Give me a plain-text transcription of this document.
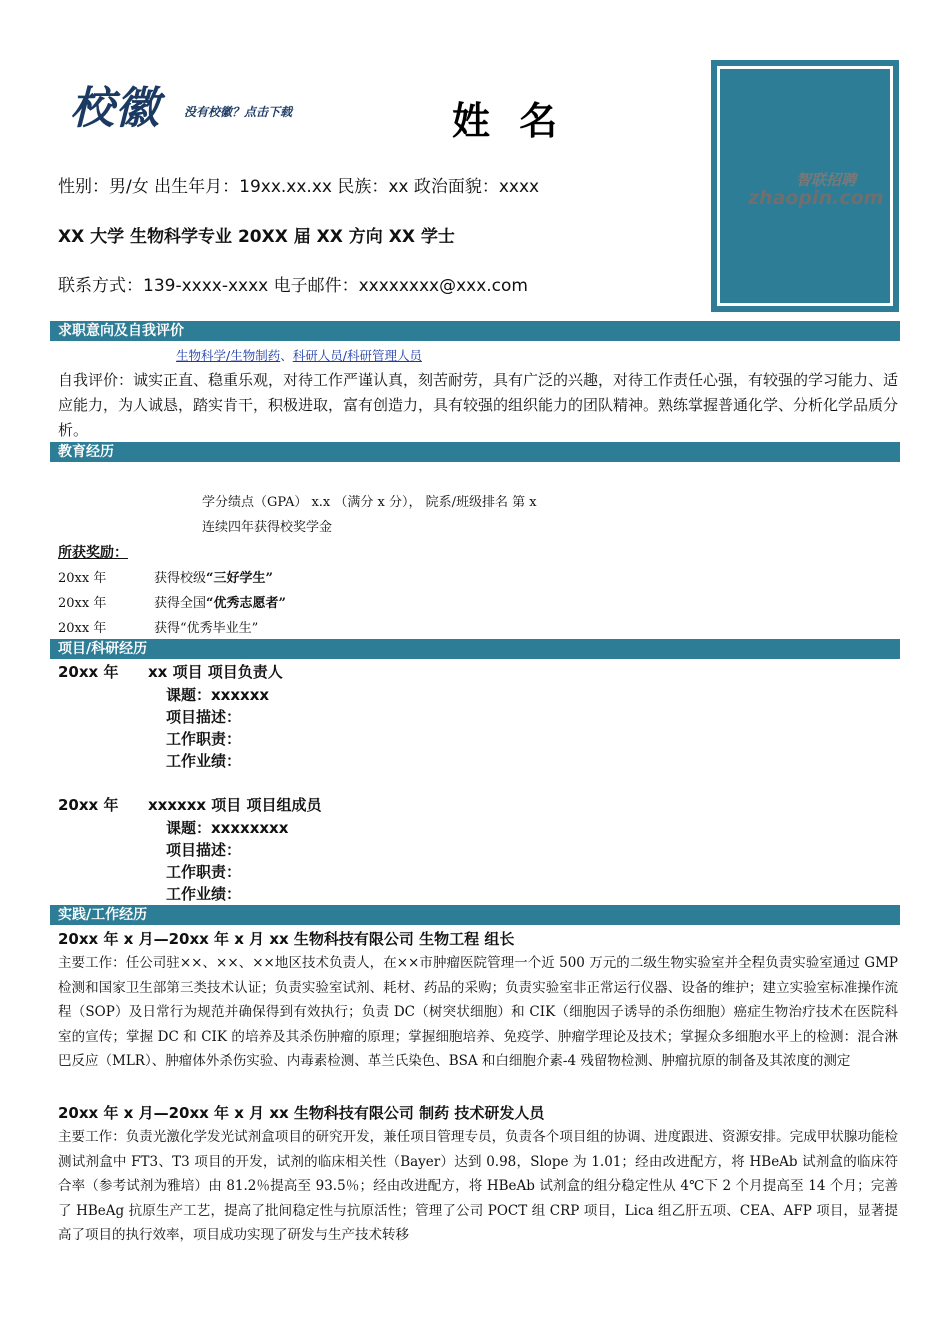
校徽 没有校徽？点击下载	姓 名
智联招聘
zhaopin.com
性别：男/女 出生年月：19xx.xx.xx 民族：xx 政治面貌：xxxx
XX 大学 生物科学专业 20XX 届 XX 方向 XX 学士
联系方式：139-xxxx-xxxx 电子邮件：xxxxxxxx@xxx.com
求职意向及自我评价
生物科学/生物制药、科研人员/科研管理人员
自我评价：诚实正直、稳重乐观，对待工作严谨认真，刻苦耐劳，具有广泛的兴趣，对待工作责任心强，有较强的学习能力、适应能力，为人诚恳，踏实肯干，积极进取，富有创造力，具有较强的组织能力的团队精神。熟练掌握普通化学、分析化学品质分析。
教育经历
学分绩点（GPA） x.x （满分 x 分）， 院系/班级排名 第 x
连续四年获得校奖学金
所获奖励：
20xx 年	获得校级“三好学生”
20xx 年	获得全国“优秀志愿者”
20xx 年	获得“优秀毕业生”
项目/科研经历
20xx 年 xx 项目 项目负责人
课题：xxxxxx
项目描述：
工作职责：
工作业绩：
20xx 年 xxxxxx 项目 项目组成员
课题：xxxxxxxx
项目描述：
工作职责：
工作业绩：
实践/工作经历
20xx 年 x 月—20xx 年 x 月 xx 生物科技有限公司 生物工程 组长
主要工作：任公司驻××、××、××地区技术负责人，在××市肿瘤医院管理一个近 500 万元的二级生物实验室并全程负责实验室通过 GMP 检测和国家卫生部第三类技术认证；负责实验室试剂、耗材、药品的采购；负责实验室非正常运行仪器、设备的维护；建立实验室标准操作流程（SOP）及日常行为规范并确保得到有效执行；负责 DC（树突状细胞）和 CIK（细胞因子诱导的杀伤细胞）癌症生物治疗技术在医院科室的宣传；掌握 DC 和 CIK 的培养及其杀伤肿瘤的原理；掌握细胞培养、免疫学、肿瘤学理论及技术；掌握众多细胞水平上的检测：混合淋巴反应（MLR）、肿瘤体外杀伤实验、内毒素检测、革兰氏染色、BSA 和白细胞介素-4 残留物检测、肿瘤抗原的制备及其浓度的测定
20xx 年 x 月—20xx 年 x 月 xx 生物科技有限公司 制药 技术研发人员
主要工作：负责光激化学发光试剂盒项目的研究开发，兼任项目管理专员，负责各个项目组的协调、进度跟进、资源安排。完成甲状腺功能检测试剂盒中 FT3、T3 项目的开发，试剂的临床相关性（Bayer）达到 0.98，Slope 为 1.01；经由改进配方，将 HBeAb 试剂盒的临床符合率（参考试剂为雅培）由 81.2％提高至 93.5％；经由改进配方，将 HBeAb 试剂盒的组分稳定性从 4℃下 2 个月提高至 14 个月；完善了 HBeAg 抗原生产工艺，提高了批间稳定性与抗原活性；管理了公司 POCT 组 CRP 项目，Lica 组乙肝五项、CEA、AFP 项目，显著提高了项目的执行效率，项目成功实现了研发与生产技术转移
